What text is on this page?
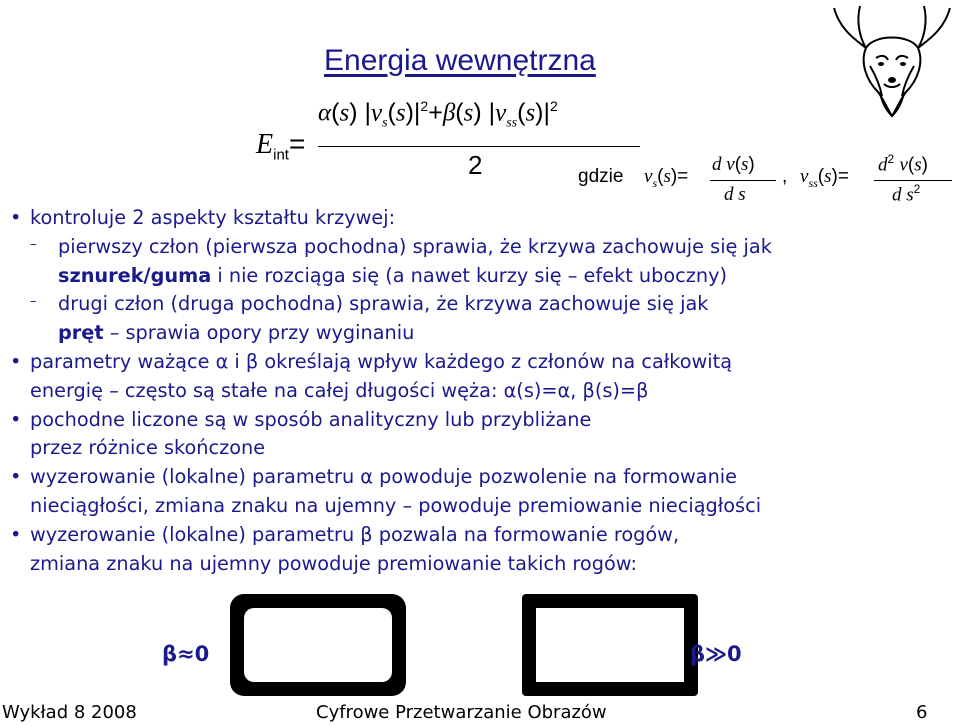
Energia wewnętrzna
$E_{int}=$
α(s) $|v_s(s)|^2+\beta(s)$ $|v_{ss}(s)|^2$
2	gdzie $v_s(s)=$
d v(s)
d s
, $v_{ss}(s)=$
$d^2$ v(s)
d $s^2$
• kontroluje 2 aspekty kształtu krzywej:
– pierwszy człon (pierwsza pochodna) sprawia, że krzywa zachowuje się jak
sznurek/guma i nie rozciąga się (a nawet kurzy się – efekt uboczny)
– drugi człon (druga pochodna) sprawia, że krzywa zachowuje się jak
pręt – sprawia opory przy wyginaniu
• parametry ważące α i β określają wpływ każdego z członów na całkowitą
energię – często są stałe na całej długości węża: α(s)=α, β(s)=β
• pochodne liczone są w sposób analityczny lub przybliżane
przez różnice skończone
• wyzerowanie (lokalne) parametru α powoduje pozwolenie na formowanie
nieciągłości, zmiana znaku na ujemny – powoduje premiowanie nieciągłości
• wyzerowanie (lokalne) parametru β pozwala na formowanie rogów,
zmiana znaku na ujemny powoduje premiowanie takich rogów:
β≈0	β≫0
Wykład 8 2008	Cyfrowe Przetwarzanie Obrazów	6
